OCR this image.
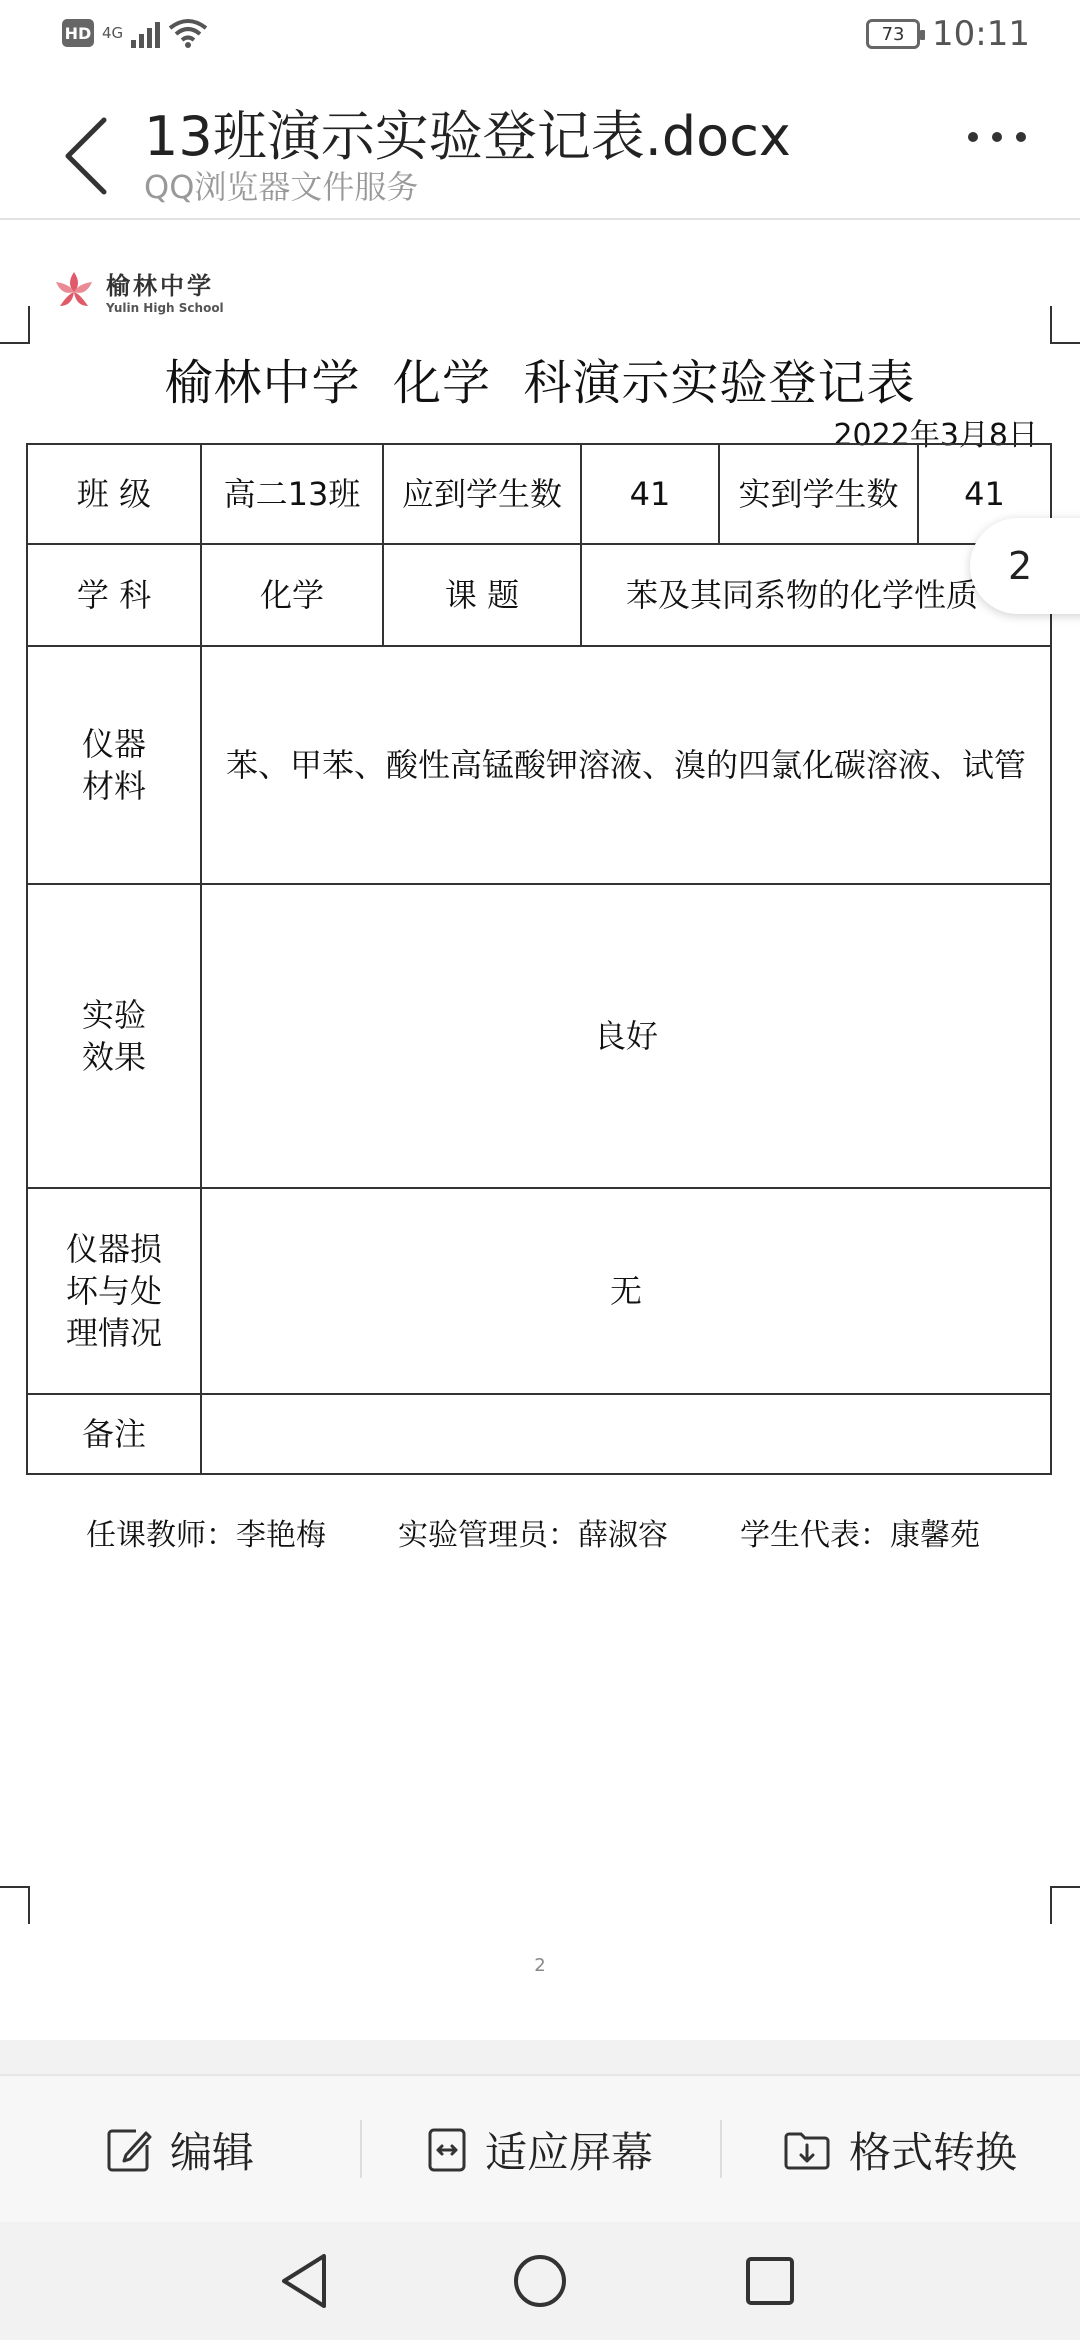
HD 4G	73 10:11
13班演示实验登记表.docx
QQ浏览器文件服务
榆林中学
Yulin High School
榆林中学  化学  科演示实验登记表
2022年3月8日
班 级	高二13班	应到学生数	41	实到学生数	41
学 科	化学	课 题	苯及其同系物的化学性质		
仪器材料	苯、甲苯、酸性高锰酸钾溶液、溴的四氯化碳溶液、试管				
实验效果	良好				
仪器损坏与处理情况	无				
备注					
任课教师：李艳梅 实验管理员：薛淑容 学生代表：康馨苑
2
2
编辑	适应屏幕	格式转换
